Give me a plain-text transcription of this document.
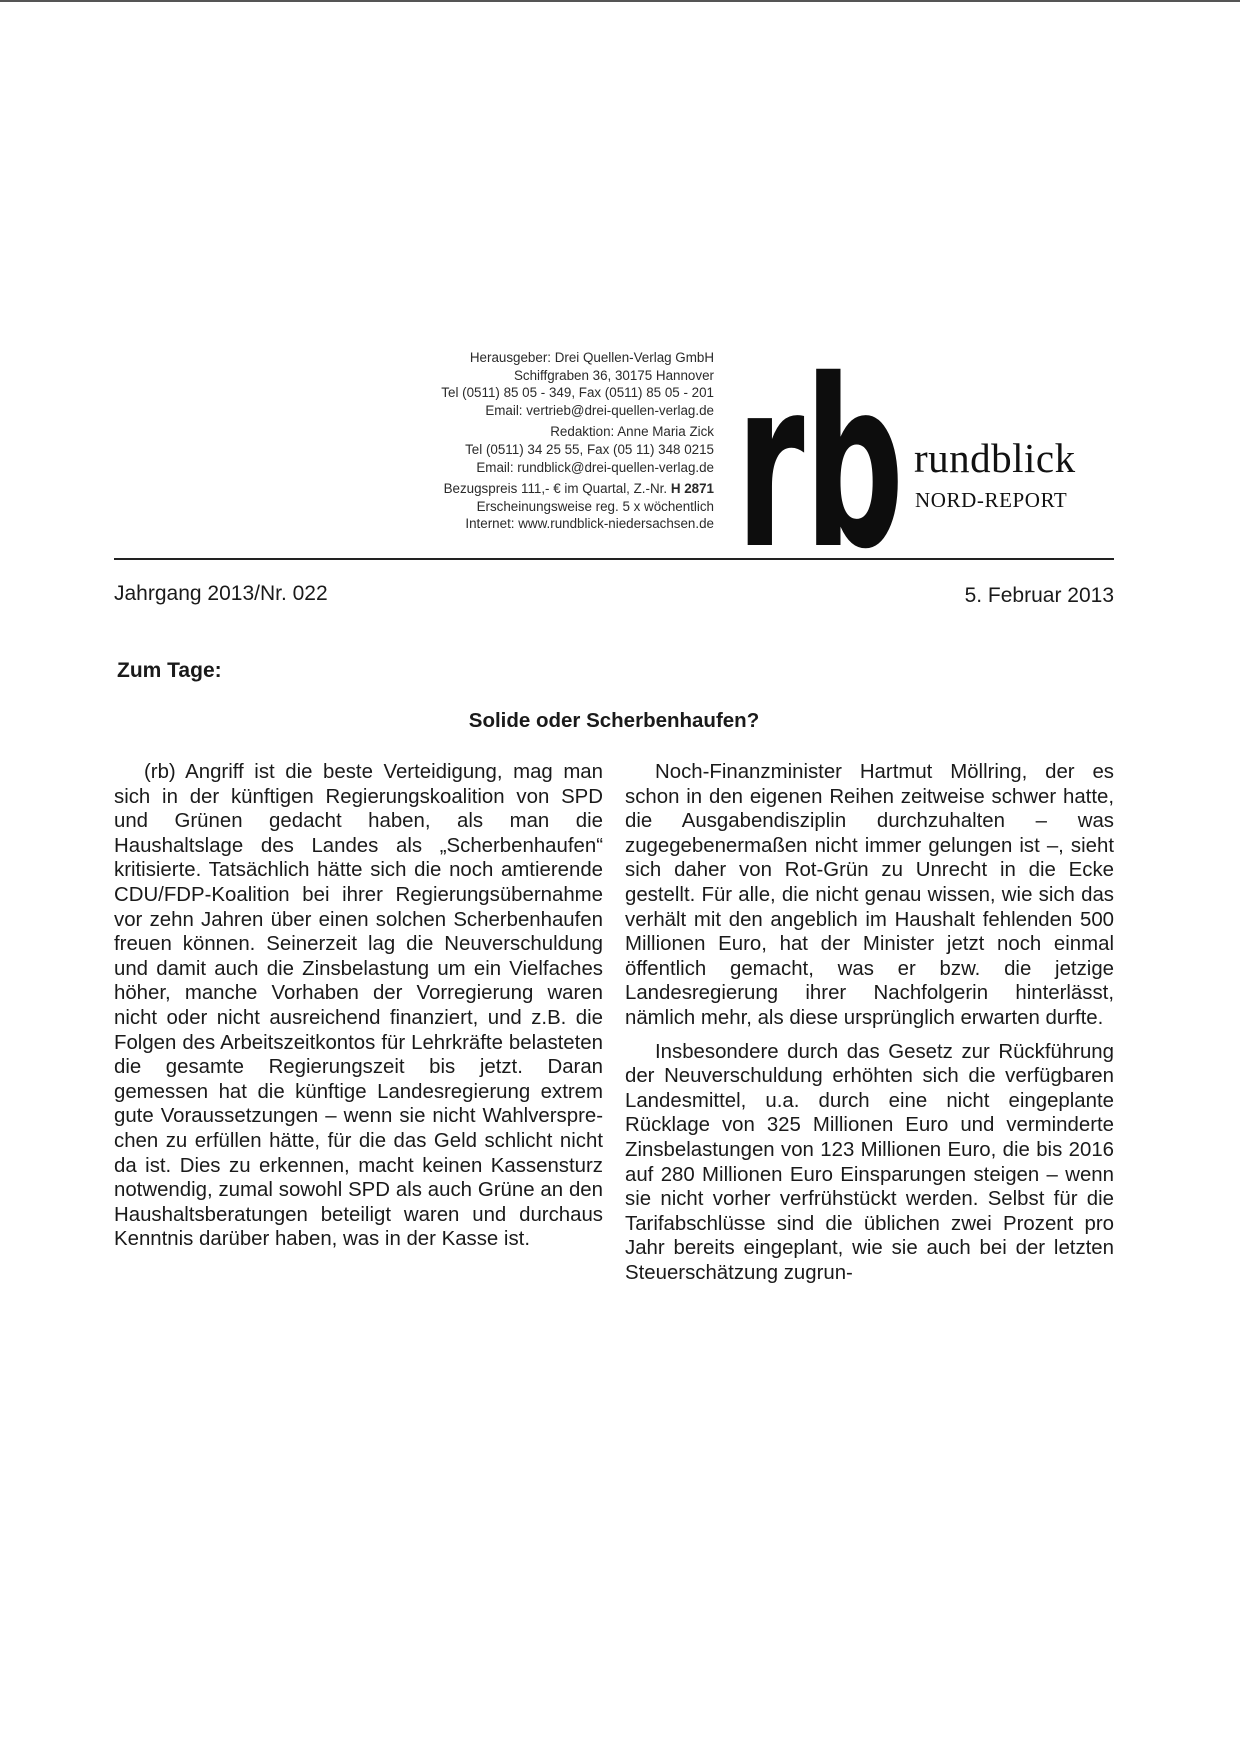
Herausgeber: Drei Quellen-Verlag GmbH
Schiffgraben 36, 30175 Hannover
Tel (0511) 85 05 - 349, Fax (0511) 85 05 - 201
Email: vertrieb@drei-quellen-verlag.de
Redaktion: Anne Maria Zick
Tel (0511) 34 25 55, Fax (05 11) 348 0215
Email: rundblick@drei-quellen-verlag.de
Bezugspreis 111,- € im Quartal, Z.-Nr. H 2871
Erscheinungsweise reg. 5 x wöchentlich
Internet: www.rundblick-niedersachsen.de rb rundblick
NORD-REPORT
Jahrgang 2013/Nr. 022	5. Februar 2013
Zum Tage:
Solide oder Scherbenhaufen?

(rb) Angriff ist die beste Verteidigung, mag man sich in der künftigen Regierungskoalition von SPD und Grünen gedacht haben, als man die Haushaltslage des Landes als „Scherbenhaufen“ kritisierte. Tatsächlich hätte sich die noch amtierende CDU/FDP-Koalition bei ihrer Regierungsübernahme vor zehn Jahren über einen solchen Scherbenhaufen freuen können. Seinerzeit lag die Neuverschuldung und damit auch die Zinsbelastung um ein Vielfaches höher, manche Vorhaben der Vorregierung waren nicht oder nicht ausreichend finanziert, und z.B. die Folgen des Arbeitszeitkontos für Lehrkräfte belasteten die gesamte Regierungszeit bis jetzt. Daran gemessen hat die künftige Landesregierung extrem gute Voraussetzungen – wenn sie nicht Wahlversprechen zu erfüllen hätte, für die das Geld schlicht nicht da ist. Dies zu erkennen, macht keinen Kassensturz notwendig, zumal sowohl SPD als auch Grüne an den Haushaltsberatungen beteiligt waren und durchaus Kenntnis darüber haben, was in der Kasse ist.

Noch-Finanzminister Hartmut Möllring, der es schon in den eigenen Reihen zeitweise schwer hatte, die Ausgabendisziplin durchzuhalten – was zugegebenermaßen nicht immer gelungen ist –, sieht sich daher von Rot-Grün zu Unrecht in die Ecke gestellt. Für alle, die nicht genau wissen, wie sich das verhält mit den angeblich im Haushalt fehlenden 500 Millionen Euro, hat der Minister jetzt noch einmal öffentlich gemacht, was er bzw. die jetzige Landesregierung ihrer Nachfolgerin hinterlässt, nämlich mehr, als diese ursprünglich erwarten durfte.

Insbesondere durch das Gesetz zur Rückführung der Neuverschuldung erhöhten sich die verfügbaren Landesmittel, u.a. durch eine nicht eingeplante Rücklage von 325 Millionen Euro und verminderte Zinsbelastungen von 123 Millionen Euro, die bis 2016 auf 280 Millionen Euro Einsparungen steigen – wenn sie nicht vorher verfrühstückt werden. Selbst für die Tarifabschlüsse sind die üblichen zwei Prozent pro Jahr bereits eingeplant, wie sie auch bei der letzten Steuerschätzung zugrun-
